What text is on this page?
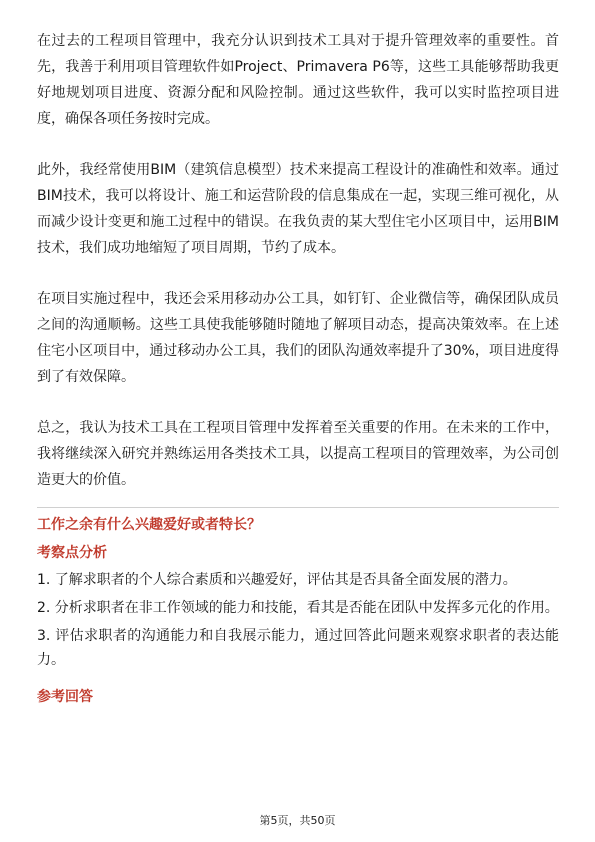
在过去的工程项目管理中，我充分认识到技术工具对于提升管理效率的重要性。首先，我善于利用项目管理软件如Project、Primavera P6等，这些工具能够帮助我更好地规划项目进度、资源分配和风险控制。通过这些软件，我可以实时监控项目进度，确保各项任务按时完成。

此外，我经常使用BIM（建筑信息模型）技术来提高工程设计的准确性和效率。通过BIM技术，我可以将设计、施工和运营阶段的信息集成在一起，实现三维可视化，从而减少设计变更和施工过程中的错误。在我负责的某大型住宅小区项目中，运用BIM技术，我们成功地缩短了项目周期，节约了成本。

在项目实施过程中，我还会采用移动办公工具，如钉钉、企业微信等，确保团队成员之间的沟通顺畅。这些工具使我能够随时随地了解项目动态，提高决策效率。在上述住宅小区项目中，通过移动办公工具，我们的团队沟通效率提升了30%，项目进度得到了有效保障。

总之，我认为技术工具在工程项目管理中发挥着至关重要的作用。在未来的工作中，我将继续深入研究并熟练运用各类技术工具，以提高工程项目的管理效率，为公司创造更大的价值。

工作之余有什么兴趣爱好或者特长？
考察点分析
1. 了解求职者的个人综合素质和兴趣爱好，评估其是否具备全面发展的潜力。
2. 分析求职者在非工作领域的能力和技能，看其是否能在团队中发挥多元化的作用。
3. 评估求职者的沟通能力和自我展示能力，通过回答此问题来观察求职者的表达能力。
参考回答
第5页，共50页
